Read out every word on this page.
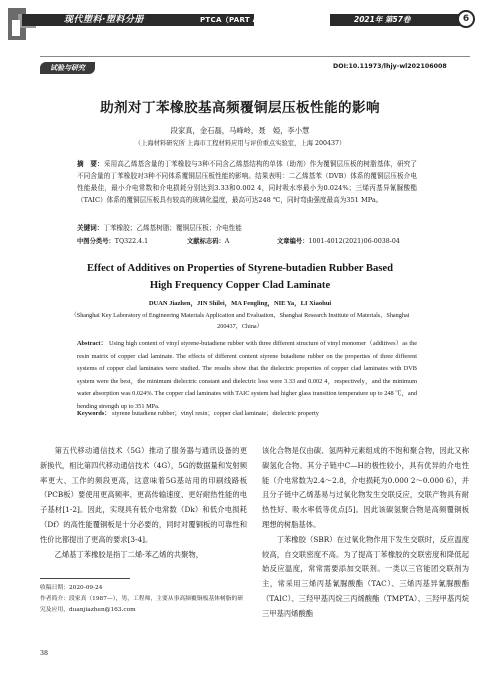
现代塑料·塑料分册	PTCA（PART A：PHYS.TEST.）	2021年 第57卷	6
试验与研究	DOI:10.11973/lhjy-wl202106008
助剂对丁苯橡胶基高频覆铜层压板性能的影响
段家真，金石磊，马峰岭，聂　婭，李小慧
（上海材料研究所 上海市工程材料应用与评价重点实验室，上海 200437）
摘　要：采用高乙烯基含量的丁苯橡胶与3种不同含乙烯基结构的单体（助剂）作为覆铜层压板的树脂基体，研究了不同含量的丁苯橡胶对3种不同体系覆铜层压板性能的影响。结果表明：二乙烯基苯（DVB）体系的覆铜层压板介电性能最佳，最小介电常数和介电损耗分别达到3.33和0.002 4，同时吸水率最小为0.024%；三烯丙基异氰脲酸酯（TAIC）体系的覆铜层压板具有较高的玻璃化温度，最高可达248 ℃，同时弯曲强度最高为351 MPa。
关键词：丁苯橡胶；乙烯基树脂；覆铜层压板；介电性能
中图分类号：TQ322.4.1	文献标志码：A	文章编号：1001-4012(2021)06-0038-04
Effect of Additives on Properties of Styrene-butadien Rubber Based
High Frequency Copper Clad Laminate
DUAN Jiazhen，JIN Shilei，MA Fengling，NIE Ya，LI Xiaohui
（Shanghai Key Laboratory of Engineering Materials Application and Evaluation，Shanghai Research Institute of Materials，Shanghai 200437，China）
Abstract： Using high content of vinyl styrene-butadiene rubber with three different structure of vinyl monomer（additives）as the resin matrix of copper clad laminate. The effects of different content styrene butadiene rubber on the properties of three different systems of copper clad laminates were studied. The results show that the dielectric properties of copper clad laminates with DVB system were the best，the minimum dielectric constant and dielectric loss were 3.33 and 0.002 4，respectively，and the minimum water absorption was 0.024%. The copper clad laminates with TAIC system had higher glass transition temperature up to 248 ℃，and bending strength up to 351 MPa.
Keywords： styrene butadiene rubber；vinyl resin；copper clad laminate；dielectric property

第五代移动通信技术（5G）推动了服务器与通讯设备的更新换代，相比第四代移动通信技术（4G），5G的数据量和发射频率更大、工作的频段更高，这意味着5G基站用的印刷线路板（PCB板）要使用更高频率、更高传输速度、更好耐热性能的电子基材[1-2]。因此，实现具有低介电常数（Dk）和低介电损耗（Df）的高性能覆铜板是十分必要的，同时对覆铜板的可靠性和性价比都提出了更高的要求[3-4]。

乙烯基丁苯橡胶是指丁二烯-苯乙烯的共聚物，

该化合物是仅由碳、氢两种元素组成的不饱和聚合物，因此又称碳氢化合物。其分子链中C—H的极性较小，具有优异的介电性能（介电常数为2.4～2.8，介电损耗为0.000 2～0.000 6），并且分子链中乙烯基易与过氧化物发生交联反应，交联产物具有耐热性好、吸水率低等优点[5]。因此该碳氢聚合物是高频覆铜板理想的树脂基体。

丁苯橡胶（SBR）在过氧化物作用下发生交联时，反应温度较高，自交联密度不高。为了提高丁苯橡胶的交联密度和降低起始反应温度，常常需要添加交联剂。一类以三官能团交联剂为主，常采用三烯丙基氰脲酸酯（TAC）、三烯丙基异氰脲酸酯（TAIC）、三羟甲基丙烷三丙烯酸酯（TMPTA）、三羟甲基丙烷三甲基丙烯酸酯

收稿日期：2020-09-24
作者简介：段家真（1987—），男，工程师，主要从事高频覆铜板基体树脂的研究及应用，duanjiazhen@163.com
38
